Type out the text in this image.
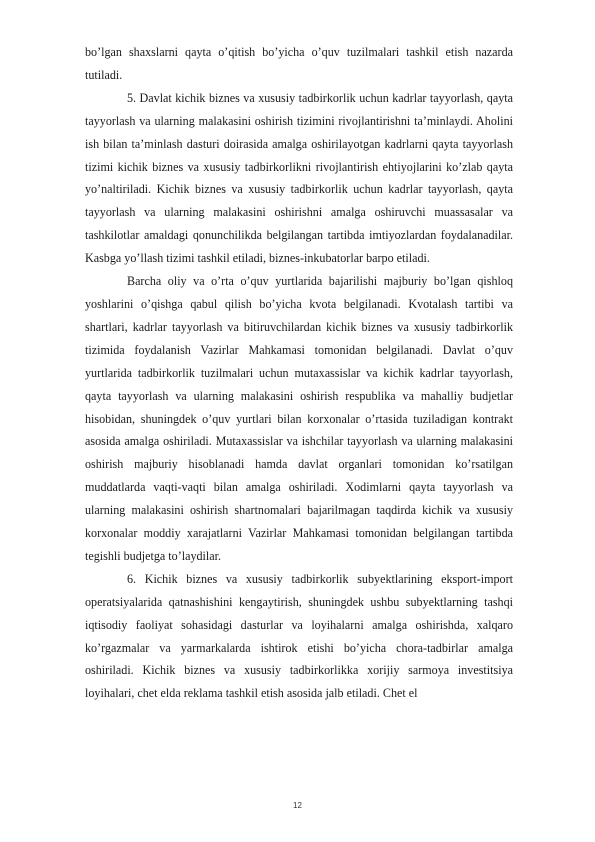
bo’lgan shaxslarni qayta o’qitish bo’yicha o’quv tuzilmalari tashkil etish nazarda tutiladi.

5. Davlat kichik biznes va xususiy tadbirkorlik uchun kadrlar tayyorlash, qayta tayyorlash va ularning malakasini oshirish tizimini rivojlantirishni ta’minlaydi. Aholini ish bilan ta’minlash dasturi doirasida amalga oshirilayotgan kadrlarni qayta tayyorlash tizimi kichik biznes va xususiy tadbirkorlikni rivojlantirish ehtiyojlarini ko’zlab qayta yo’naltiriladi. Kichik biznes va xususiy tadbirkorlik uchun kadrlar tayyorlash, qayta tayyorlash va ularning malakasini oshirishni amalga oshiruvchi muassasalar va tashkilotlar amaldagi qonunchilikda belgilangan tartibda imtiyozlardan foydalanadilar. Kasbga yo’llash tizimi tashkil etiladi, biznes-inkubatorlar barpo etiladi.

Barcha oliy va o’rta o’quv yurtlarida bajarilishi majburiy bo’lgan qishloq yoshlarini o’qishga qabul qilish bo’yicha kvota belgilanadi. Kvotalash tartibi va shartlari, kadrlar tayyorlash va bitiruvchilardan kichik biznes va xususiy tadbirkorlik tizimida foydalanish Vazirlar Mahkamasi tomonidan belgilanadi. Davlat o’quv yurtlarida tadbirkorlik tuzilmalari uchun mutaxassislar va kichik kadrlar tayyorlash, qayta tayyorlash va ularning malakasini oshirish respublika va mahalliy budjetlar hisobidan, shuningdek o’quv yurtlari bilan korxonalar o’rtasida tuziladigan kontrakt asosida amalga oshiriladi. Mutaxassislar va ishchilar tayyorlash va ularning malakasini oshirish majburiy hisoblanadi hamda davlat organlari tomonidan ko’rsatilgan muddatlarda vaqti-vaqti bilan amalga oshiriladi. Xodimlarni qayta tayyorlash va ularning malakasini oshirish shartnomalari bajarilmagan taqdirda kichik va xususiy korxonalar moddiy xarajatlarni Vazirlar Mahkamasi tomonidan belgilangan tartibda tegishli budjetga to’laydilar.

6. Kichik biznes va xususiy tadbirkorlik subyektlarining eksport-import operatsiyalarida qatnashishini kengaytirish, shuningdek ushbu subyektlarning tashqi iqtisodiy faoliyat sohasidagi dasturlar va loyihalarni amalga oshirishda, xalqaro ko’rgazmalar va yarmarkalarda ishtirok etishi bo’yicha chora-tadbirlar amalga oshiriladi. Kichik biznes va xususiy tadbirkorlikka xorijiy sarmoya investitsiya loyihalari, chet elda reklama tashkil etish asosida jalb etiladi. Chet el

12
